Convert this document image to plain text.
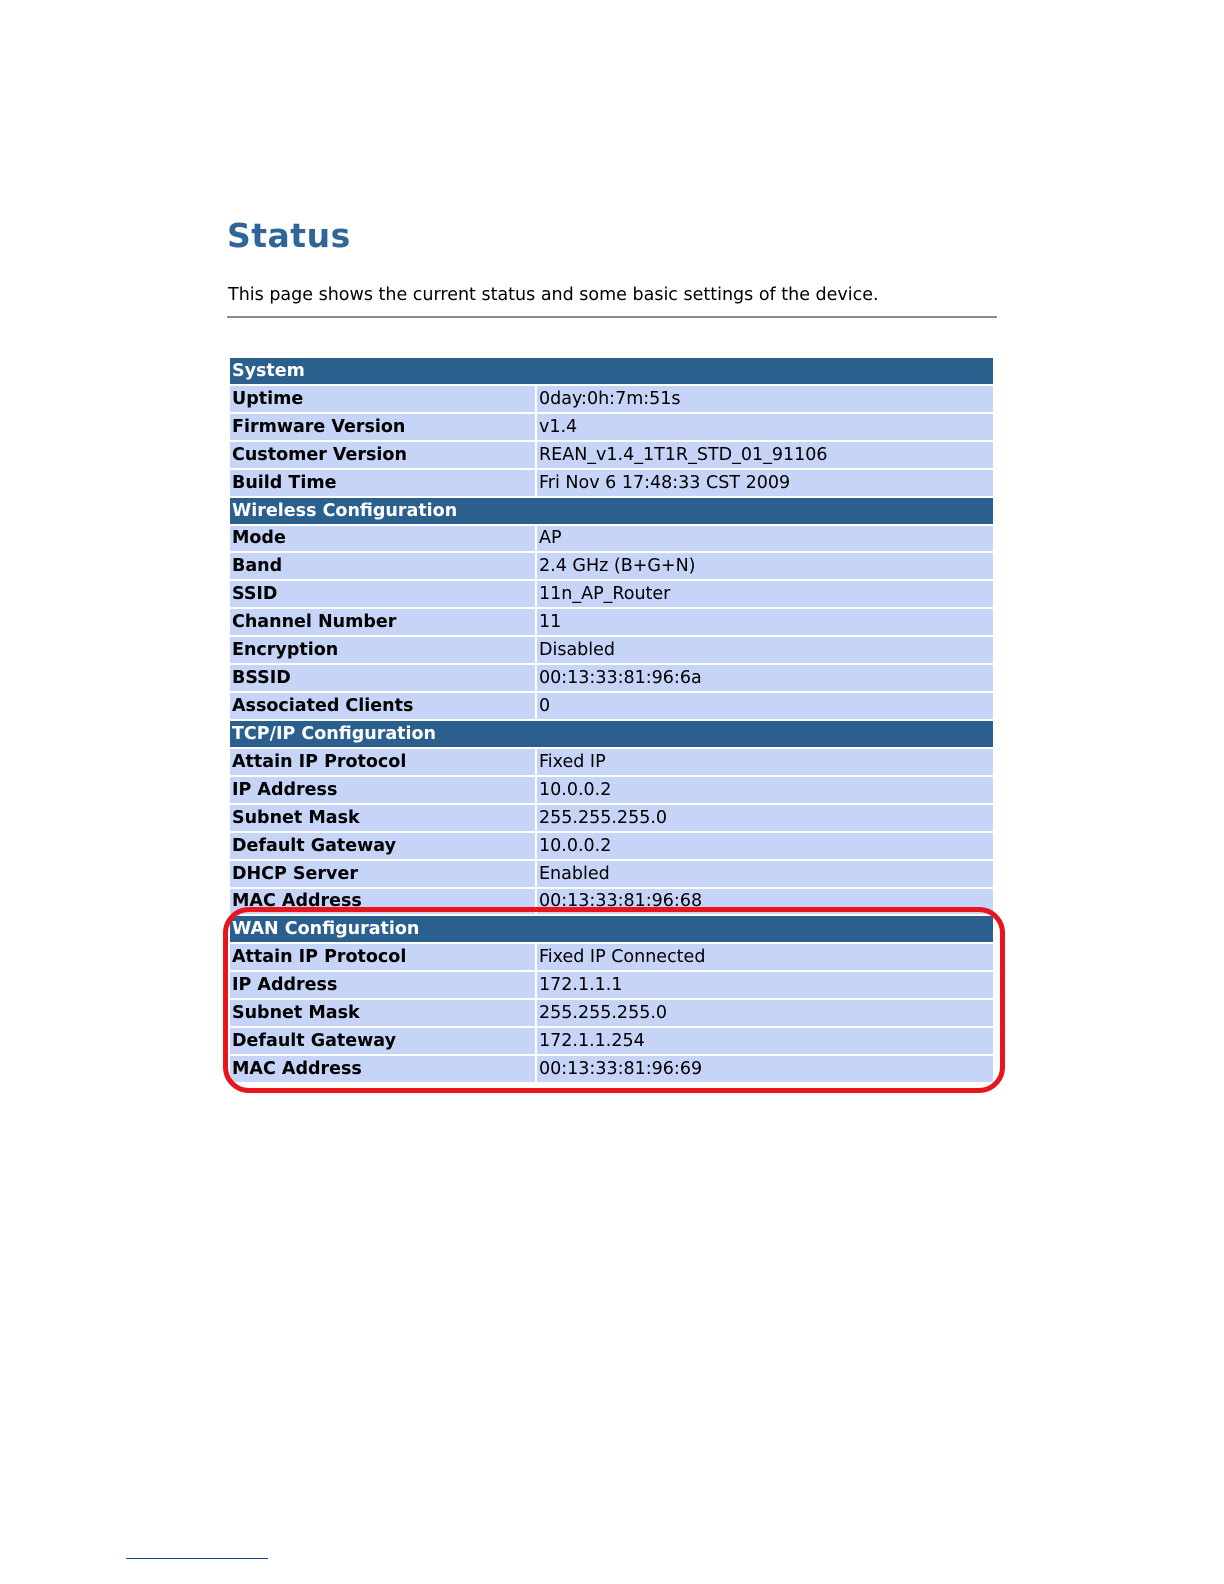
Status
This page shows the current status and some basic settings of the device.
System	
Uptime	0day:0h:7m:51s
Firmware Version	v1.4
Customer Version	REAN_v1.4_1T1R_STD_01_91106
Build Time	Fri Nov 6 17:48:33 CST 2009
Wireless Configuration	
Mode	AP
Band	2.4 GHz (B+G+N)
SSID	11n_AP_Router
Channel Number	11
Encryption	Disabled
BSSID	00:13:33:81:96:6a
Associated Clients	0
TCP/IP Configuration	
Attain IP Protocol	Fixed IP
IP Address	10.0.0.2
Subnet Mask	255.255.255.0
Default Gateway	10.0.0.2
DHCP Server	Enabled
MAC Address	00:13:33:81:96:68
WAN Configuration	
Attain IP Protocol	Fixed IP Connected
IP Address	172.1.1.1
Subnet Mask	255.255.255.0
Default Gateway	172.1.1.254
MAC Address	00:13:33:81:96:69
